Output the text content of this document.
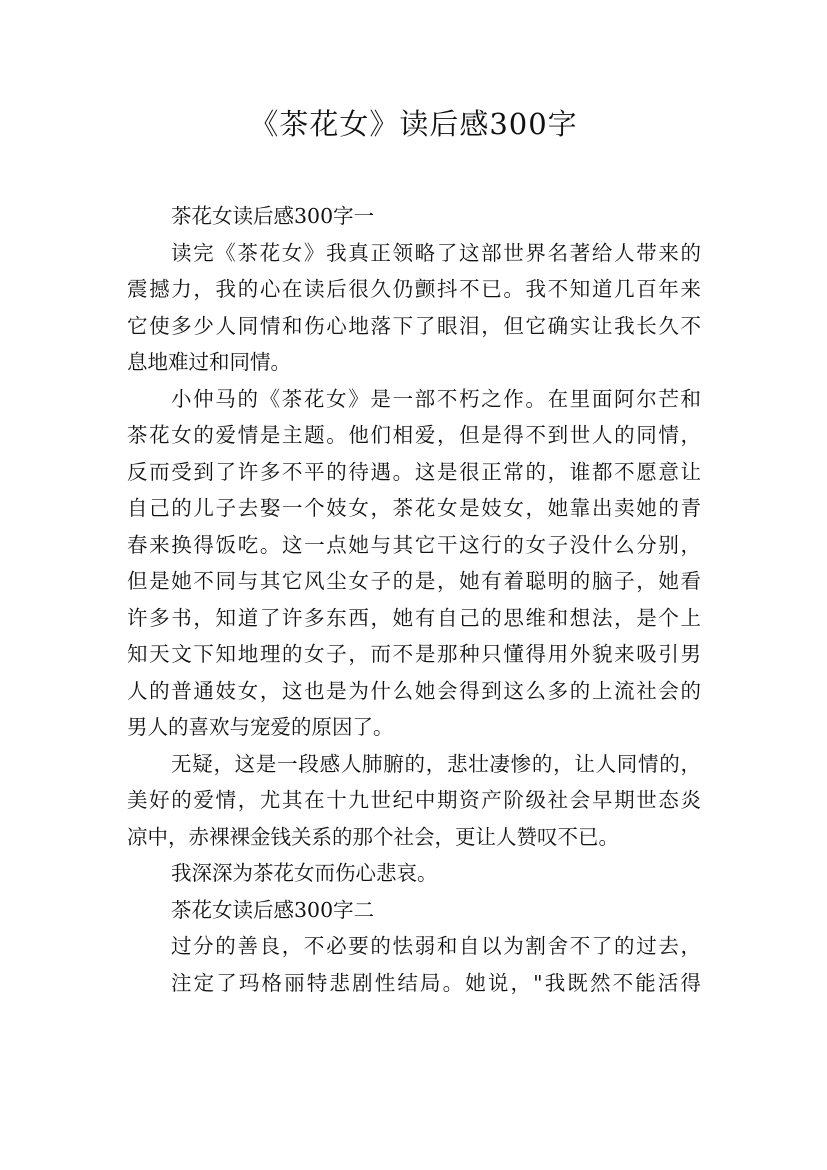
《茶花女》读后感300字
茶花女读后感300字一
读完《茶花女》我真正领略了这部世界名著给人带来的
震撼力，我的心在读后很久仍颤抖不已。我不知道几百年来
它使多少人同情和伤心地落下了眼泪，但它确实让我长久不
息地难过和同情。
小仲马的《茶花女》是一部不朽之作。在里面阿尔芒和
茶花女的爱情是主题。他们相爱，但是得不到世人的同情，
反而受到了许多不平的待遇。这是很正常的，谁都不愿意让
自己的儿子去娶一个妓女，茶花女是妓女，她靠出卖她的青
春来换得饭吃。这一点她与其它干这行的女子没什么分别，
但是她不同与其它风尘女子的是，她有着聪明的脑子，她看
许多书，知道了许多东西，她有自己的思维和想法，是个上
知天文下知地理的女子，而不是那种只懂得用外貌来吸引男
人的普通妓女，这也是为什么她会得到这么多的上流社会的
男人的喜欢与宠爱的原因了。
无疑，这是一段感人肺腑的，悲壮凄惨的，让人同情的，
美好的爱情，尤其在十九世纪中期资产阶级社会早期世态炎
凉中，赤裸裸金钱关系的那个社会，更让人赞叹不已。
我深深为茶花女而伤心悲哀。
茶花女读后感300字二
过分的善良，不必要的怯弱和自以为割舍不了的过去，
注定了玛格丽特悲剧性结局。她说，"我既然不能活得
